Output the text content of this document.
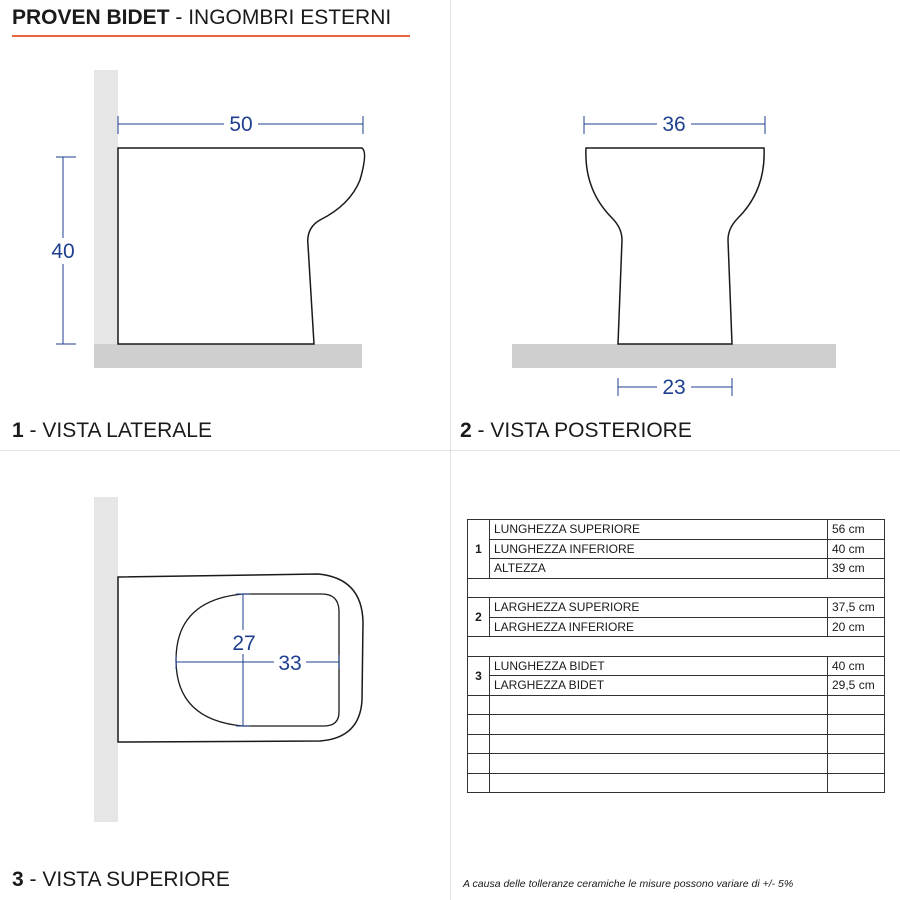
PROVEN BIDET - INGOMBRI ESTERNI
50
40
36
23
27
33
1 - VISTA LATERALE	2 - VISTA POSTERIORE
3 - VISTA SUPERIORE
1	LUNGHEZZA SUPERIORE	56 cm
	LUNGHEZZA INFERIORE	40 cm
	ALTEZZA	39 cm

2	LARGHEZZA SUPERIORE	37,5 cm
	LARGHEZZA INFERIORE	20 cm

3	LUNGHEZZA BIDET	40 cm
	LARGHEZZA BIDET	29,5 cm

A causa delle tolleranze ceramiche le misure possono variare di +/- 5%
